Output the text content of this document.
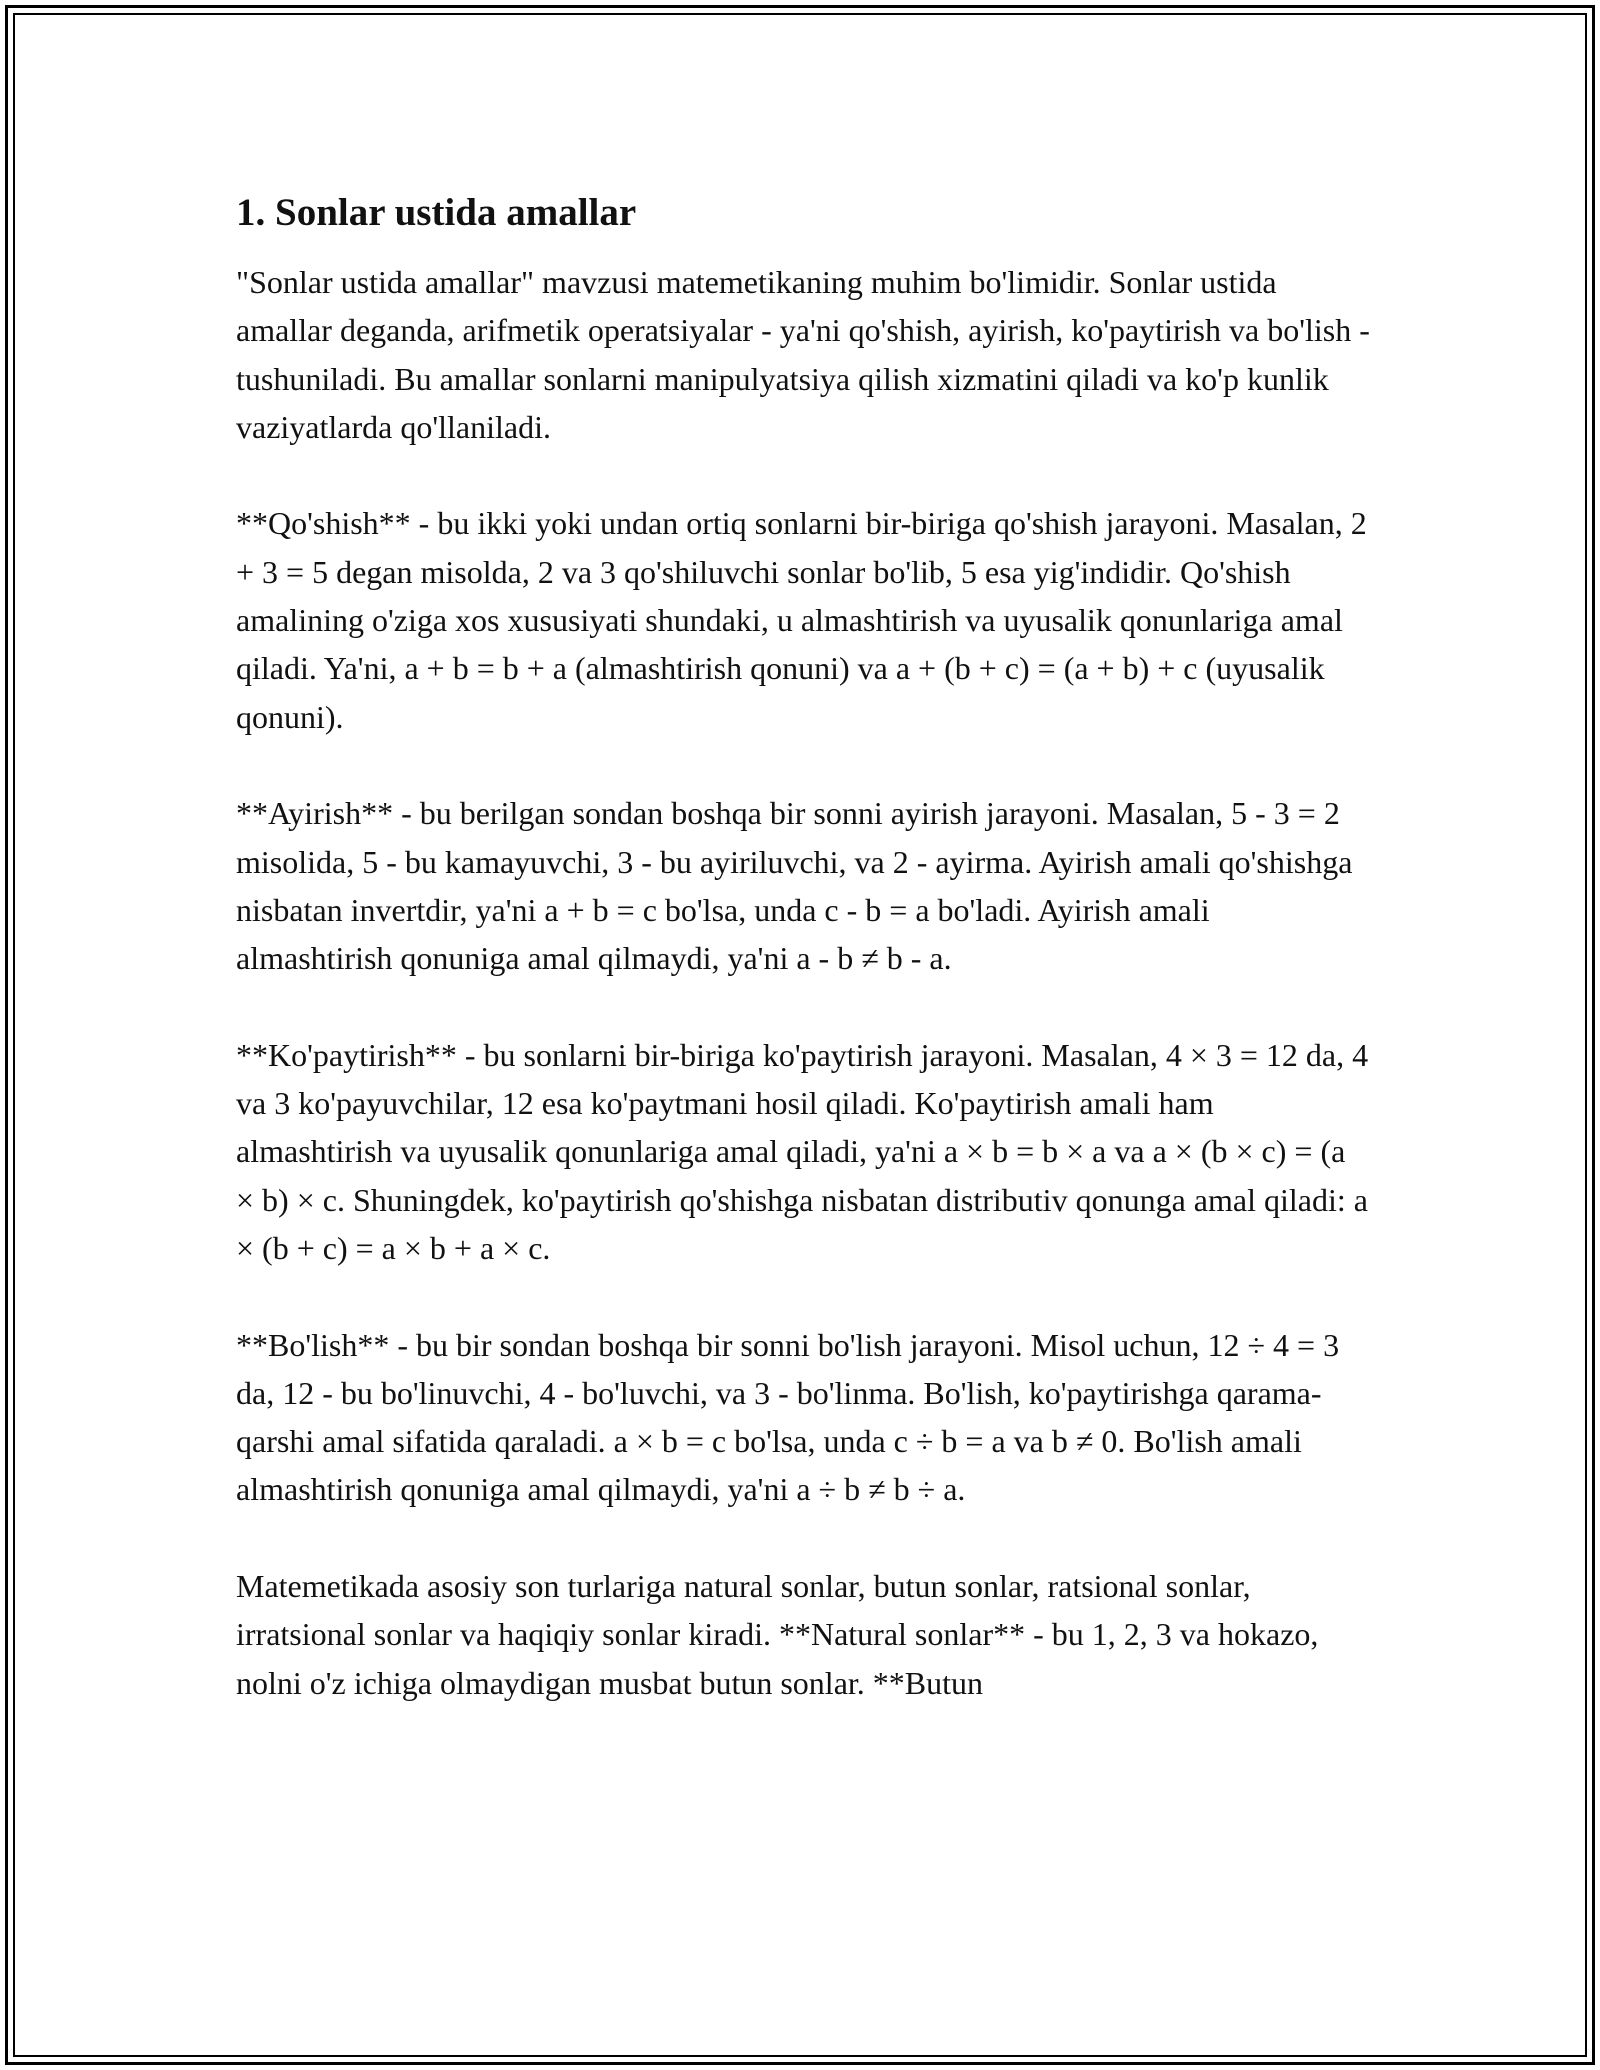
1. Sonlar ustida amallar

"Sonlar ustida amallar" mavzusi matemetikaning muhim bo'limidir. Sonlar ustida amallar deganda, arifmetik operatsiyalar - ya'ni qo'shish, ayirish, ko'paytirish va bo'lish - tushuniladi. Bu amallar sonlarni manipulyatsiya qilish xizmatini qiladi va ko'p kunlik vaziyatlarda qo'llaniladi.

**Qo'shish** - bu ikki yoki undan ortiq sonlarni bir-biriga qo'shish jarayoni. Masalan, 2 + 3 = 5 degan misolda, 2 va 3 qo'shiluvchi sonlar bo'lib, 5 esa yig'indidir. Qo'shish amalining o'ziga xos xususiyati shundaki, u almashtirish va uyusalik qonunlariga amal qiladi. Ya'ni, a + b = b + a (almashtirish qonuni) va a + (b + c) = (a + b) + c (uyusalik qonuni).

**Ayirish** - bu berilgan sondan boshqa bir sonni ayirish jarayoni. Masalan, 5 - 3 = 2 misolida, 5 - bu kamayuvchi, 3 - bu ayiriluvchi, va 2 - ayirma. Ayirish amali qo'shishga nisbatan invertdir, ya'ni a + b = c bo'lsa, unda c - b = a bo'ladi. Ayirish amali almashtirish qonuniga amal qilmaydi, ya'ni a - b ≠ b - a.

**Ko'paytirish** - bu sonlarni bir-biriga ko'paytirish jarayoni. Masalan, 4 × 3 = 12 da, 4 va 3 ko'payuvchilar, 12 esa ko'paytmani hosil qiladi. Ko'paytirish amali ham almashtirish va uyusalik qonunlariga amal qiladi, ya'ni a × b = b × a va a × (b × c) = (a × b) × c. Shuningdek, ko'paytirish qo'shishga nisbatan distributiv qonunga amal qiladi: a × (b + c) = a × b + a × c.

**Bo'lish** - bu bir sondan boshqa bir sonni bo'lish jarayoni. Misol uchun, 12 ÷ 4 = 3 da, 12 - bu bo'linuvchi, 4 - bo'luvchi, va 3 - bo'linma. Bo'lish, ko'paytirishga qarama-qarshi amal sifatida qaraladi. a × b = c bo'lsa, unda c ÷ b = a va b ≠ 0. Bo'lish amali almashtirish qonuniga amal qilmaydi, ya'ni a ÷ b ≠ b ÷ a.

Matemetikada asosiy son turlariga natural sonlar, butun sonlar, ratsional sonlar, irratsional sonlar va haqiqiy sonlar kiradi. **Natural sonlar** - bu 1, 2, 3 va hokazo, nolni o'z ichiga olmaydigan musbat butun sonlar. **Butun
